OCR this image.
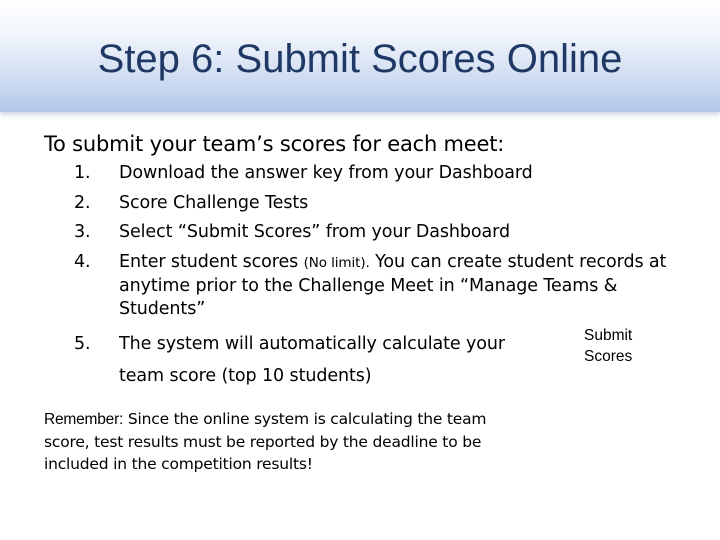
Step 6: Submit Scores Online
To submit your team’s scores for each meet:
1.	Download the answer key from your Dashboard
2.	Score Challenge Tests
3.	Select “Submit Scores” from your Dashboard
4.	Enter student scores (No limit). You can create student records at anytime prior to the Challenge Meet in “Manage Teams & Students”
5.	The system will automatically calculate your
team score (top 10 students)
Submit
Scores
Remember: Since the online system is calculating the team score, test results must be reported by the deadline to be included in the competition results!
